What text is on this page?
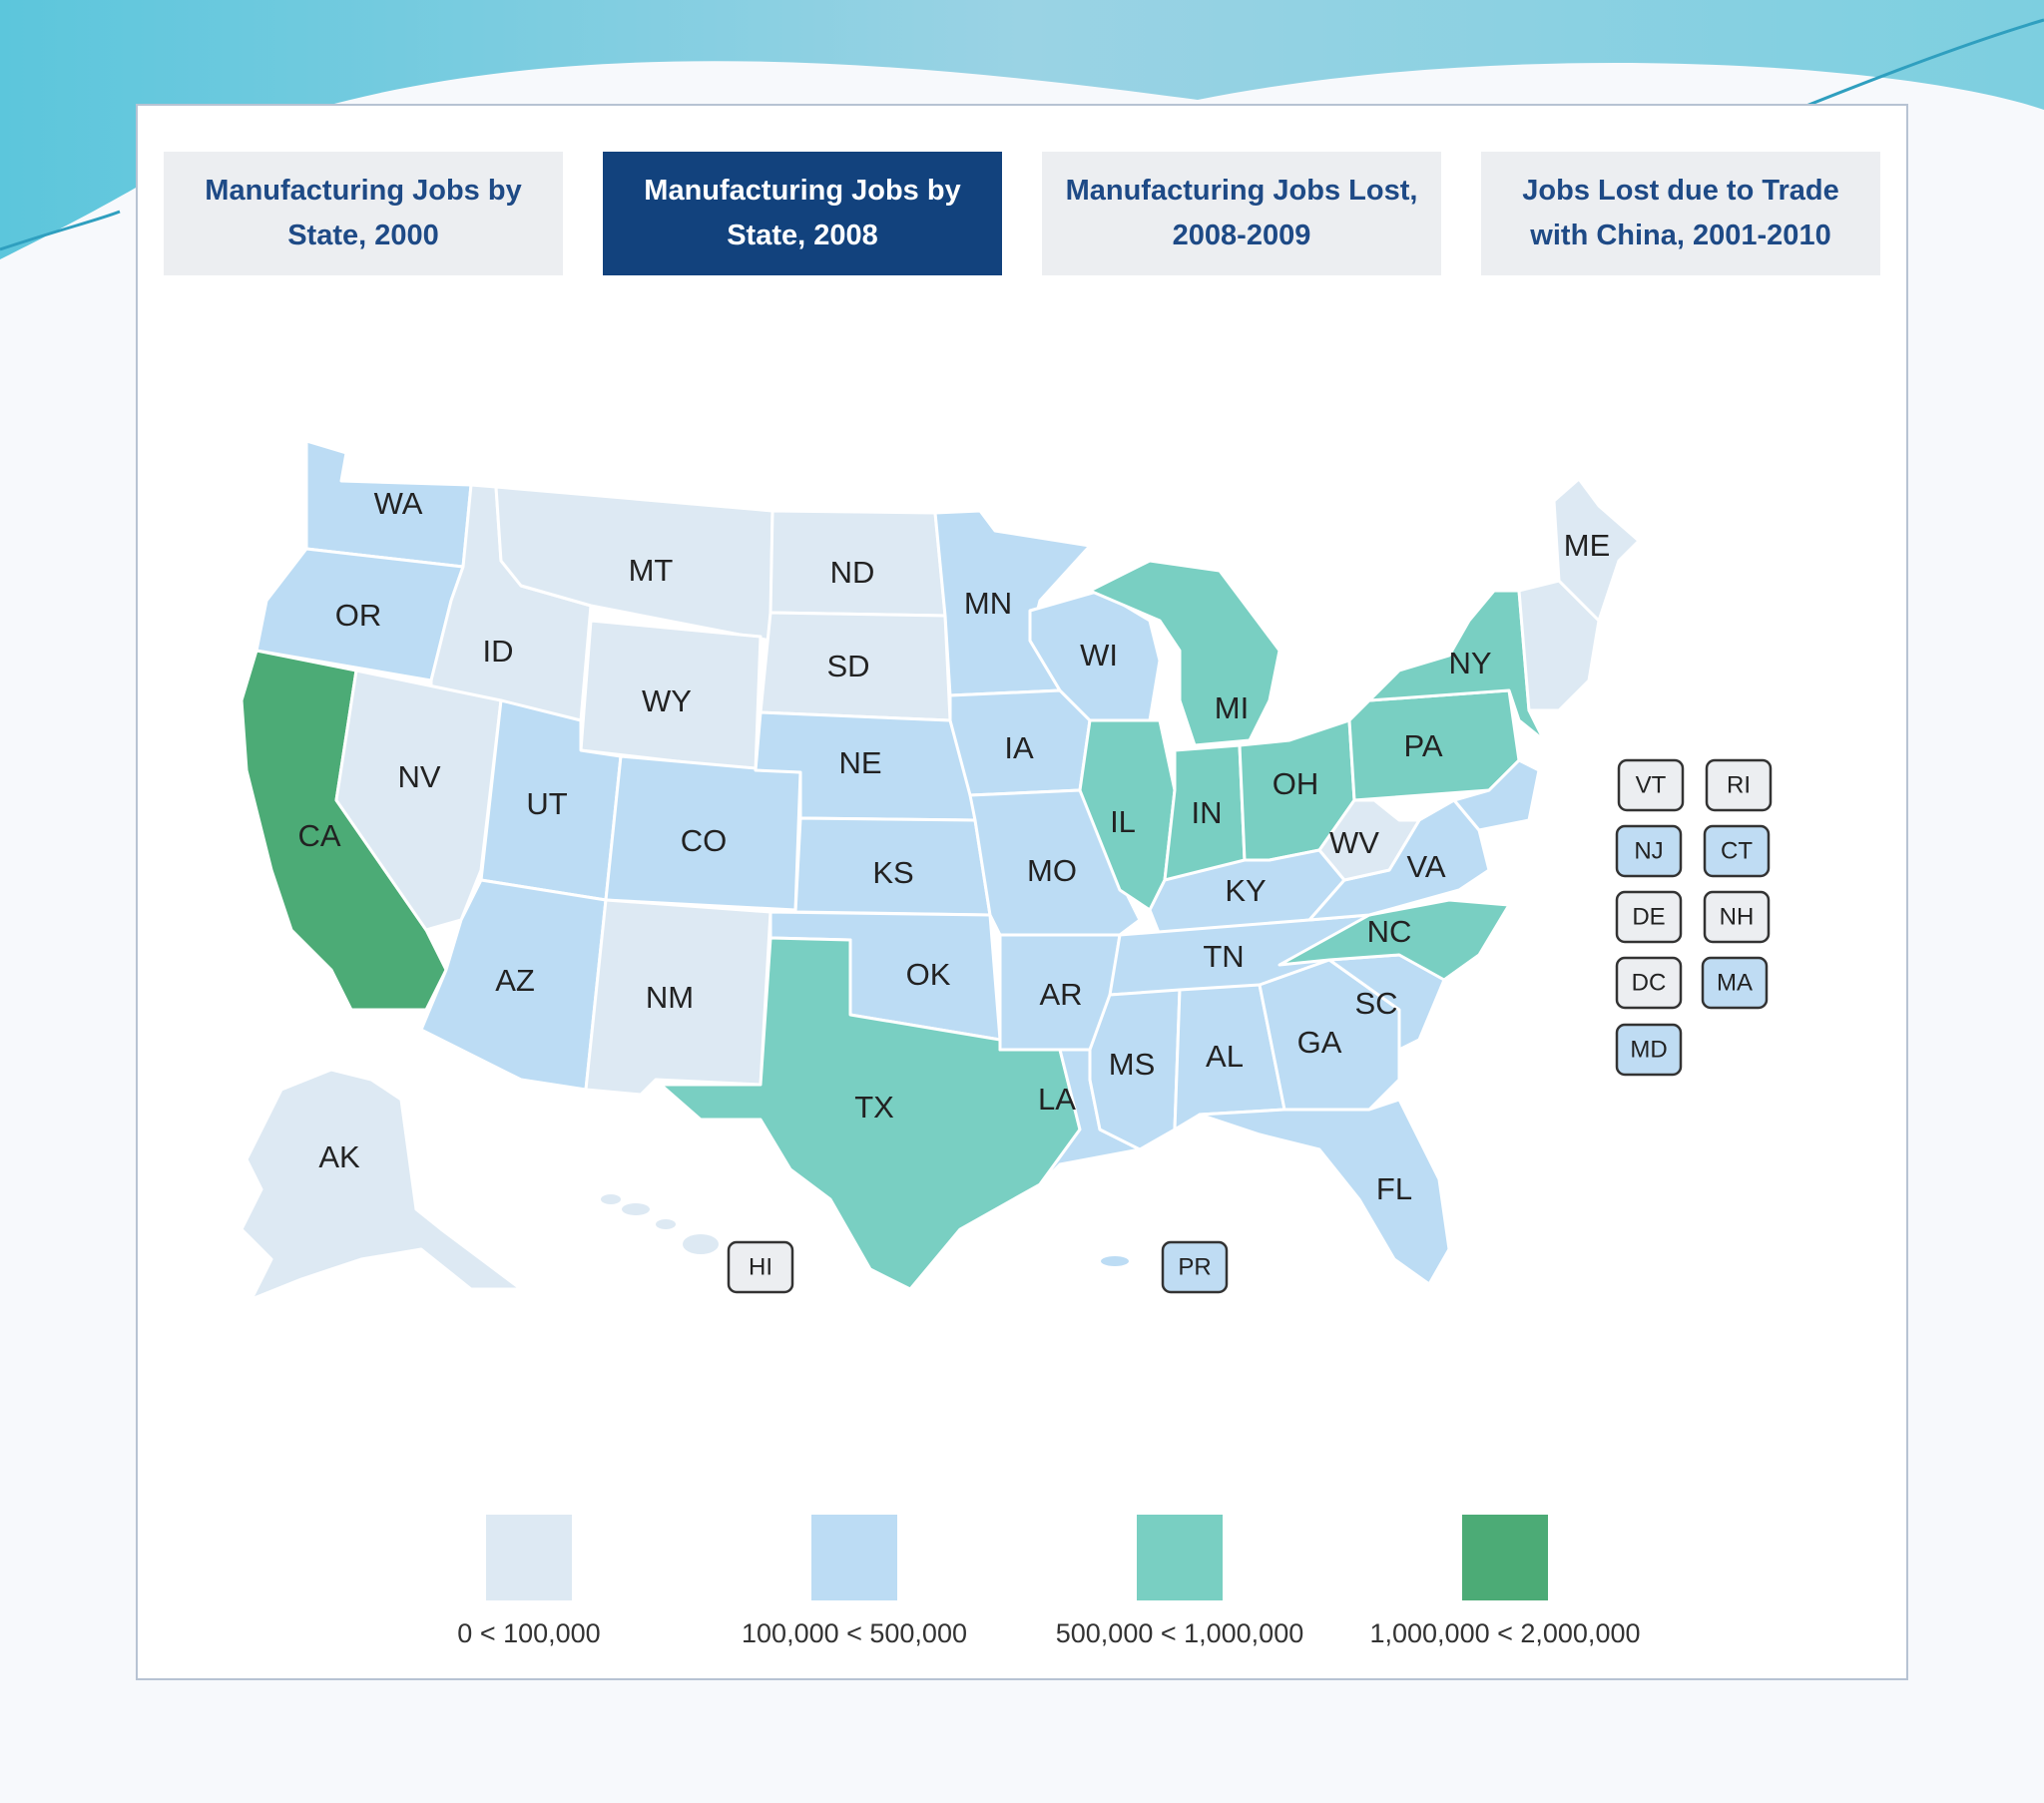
Manufacturing Jobs by
State, 2000
Manufacturing Jobs by
State, 2008
Manufacturing Jobs Lost,
2008-2009
Jobs Lost due to Trade
with China, 2001-2010
WA
OR
CA
ID
NV
MT
WY
UT
AZ
CO
NM
ND
SD
NE
KS
OK
TX
MN
IA
MO
AR
LA
WI
IL
MI
IN
OH
KY
TN
MS AL GA
FL
SC
NC
VA
WV
PA
NY
ME
AK
VT	RI
NJ CT
DE NH
DC MA
MD
HI	PR
0 < 100,000	100,000 < 500,000	500,000 < 1,000,000	1,000,000 < 2,000,000
